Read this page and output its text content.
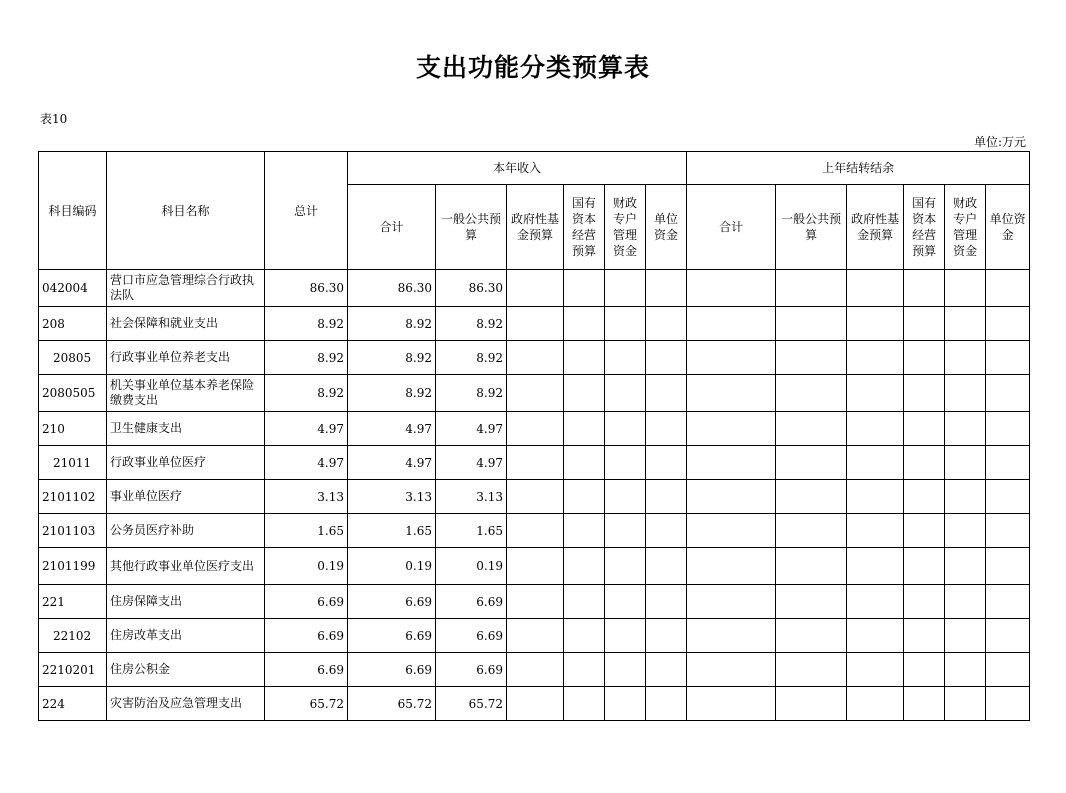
支出功能分类预算表
表10
单位:万元
科目编码	科目名称	总计	本年收入						上年结转结余					
			合计	一般公共预算	政府性基金预算	国有资本经营预算	财政专户管理资金	单位资金	合计	一般公共预算	政府性基金预算	国有资本经营预算	财政专户管理资金	单位资金
042004	营口市应急管理综合行政执法队	86.30	86.30	86.30										
208	社会保障和就业支出	8.92	8.92	8.92										
20805	行政事业单位养老支出	8.92	8.92	8.92										
2080505	机关事业单位基本养老保险缴费支出	8.92	8.92	8.92										
210	卫生健康支出	4.97	4.97	4.97										
21011	行政事业单位医疗	4.97	4.97	4.97										
2101102	事业单位医疗	3.13	3.13	3.13										
2101103	公务员医疗补助	1.65	1.65	1.65										
2101199	其他行政事业单位医疗支出	0.19	0.19	0.19										
221	住房保障支出	6.69	6.69	6.69										
22102	住房改革支出	6.69	6.69	6.69										
2210201	住房公积金	6.69	6.69	6.69										
224	灾害防治及应急管理支出	65.72	65.72	65.72										
